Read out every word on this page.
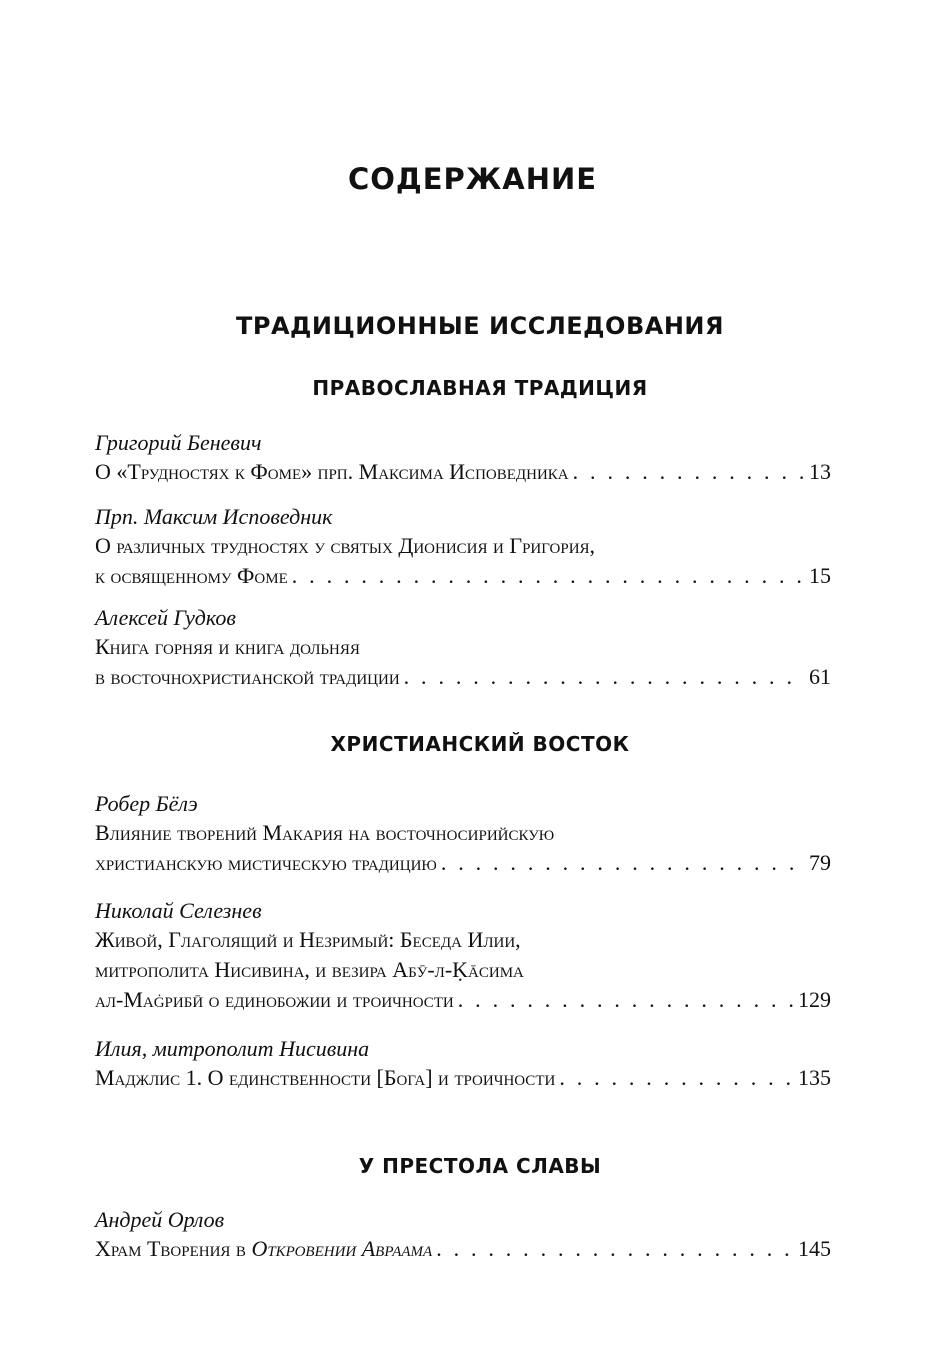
СОДЕРЖАНИЕ
ТРАДИЦИОННЫЕ ИССЛЕДОВАНИЯ
ПРАВОСЛАВНАЯ ТРАДИЦИЯ
Григорий Беневич
О «Трудностях к Фоме» прп. Максима Исповедника . . .	13
Прп. Максим Исповедник
О различных трудностях у святых Дионисия и Григория,
к освященному Фоме . . .	15
Алексей Гудков
Книга горняя и книга дольняя
в восточнохристианской традиции . . .	61
ХРИСТИАНСКИЙ ВОСТОК
Робер Бёлэ
Влияние творений Макария на восточносирийскую
христианскую мистическую традицию . . .	79
Николай Селезнев
Живой, Глаголящий и Незримый: Беседа Илии,
митрополита Нисивина, и везира Абӯ-л-Ḳāсима
ал-Маġрибӣ о единобожии и троичности . . .	129
Илия, митрополит Нисивина
Маджлис 1. О единственности [Бога] и троичности . . .	135
У ПРЕСТОЛА СЛАВЫ
Андрей Орлов
Храм Творения в Откровении Авраама . . .	145
